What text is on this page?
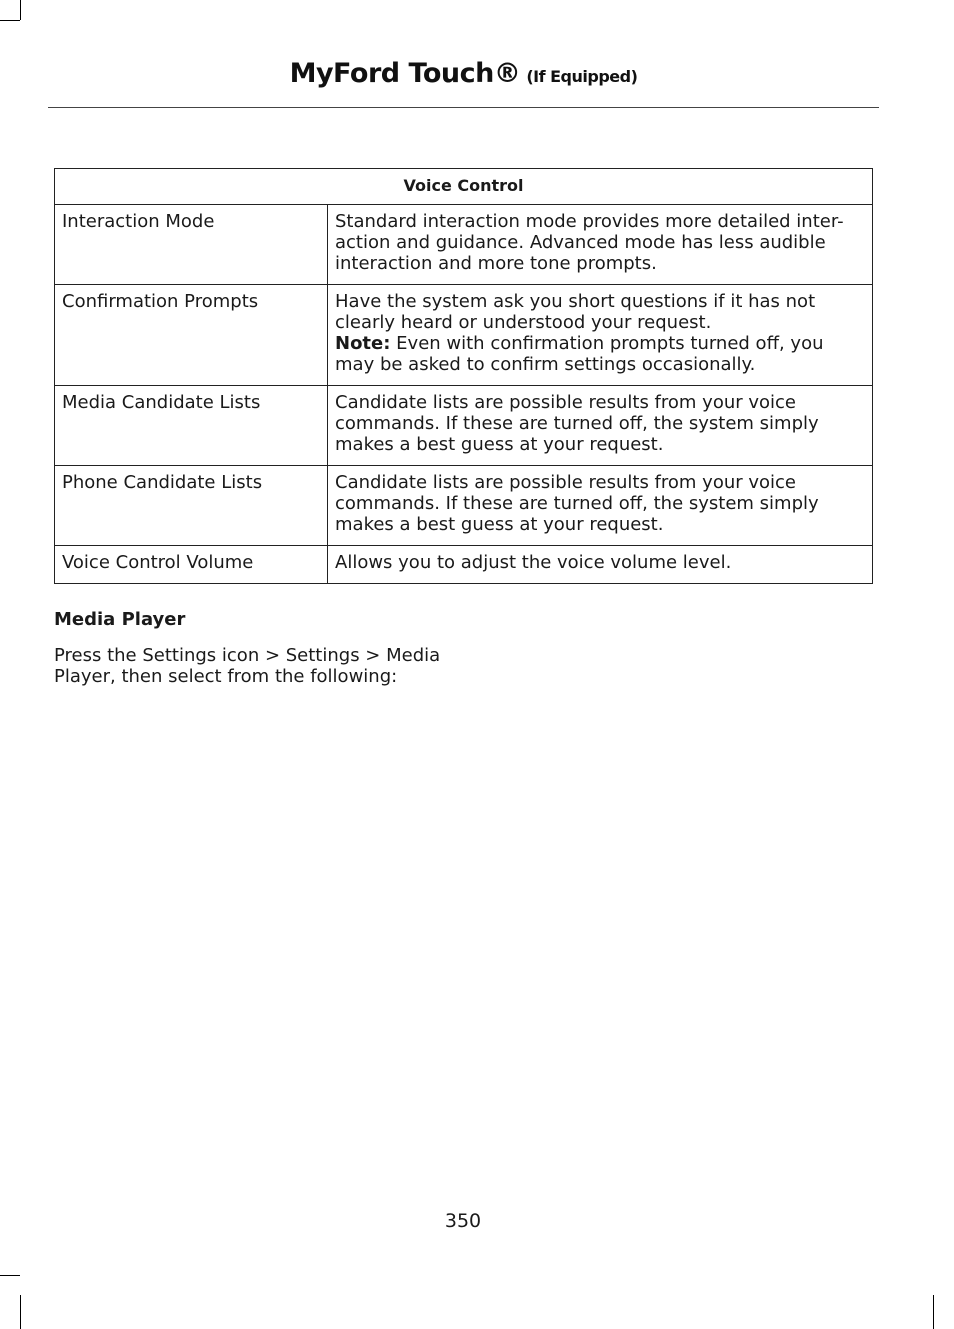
MyFord Touch® (If Equipped)
Voice Control	
Interaction Mode	Standard interaction mode provides more detailed inter-action and guidance. Advanced mode has less audible interaction and more tone prompts.
Confirmation Prompts	Have the system ask you short questions if it has not clearly heard or understood your request.
Note: Even with confirmation prompts turned off, you may be asked to confirm settings occasionally.
Media Candidate Lists	Candidate lists are possible results from your voice commands. If these are turned off, the system simply makes a best guess at your request.
Phone Candidate Lists	Candidate lists are possible results from your voice commands. If these are turned off, the system simply makes a best guess at your request.
Voice Control Volume	Allows you to adjust the voice volume level.
Media Player
Press the Settings icon > Settings > Media Player, then select from the following:
350
